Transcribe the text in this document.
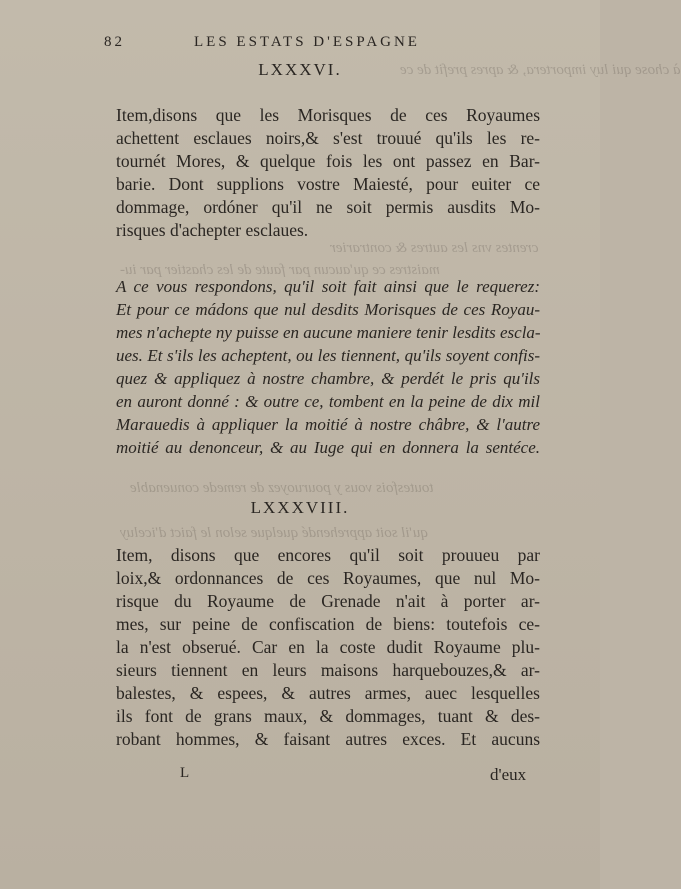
à chose qui luy importera, & apres prefit de ce
crentes vns les autres & contrarier
maistres ce qu'aucun par faute de les chastier par iu-
toutesfois vous y pouruoyez de remede conuenable
qu'il soit apprehendé quelque selon le faict d'iceluy
82	LES ESTATS D'ESPAGNE
LXXXVI.
Item,disons que les Morisques de ces Royaumes
achettent esclaues noirs,& s'est trouué qu'ils les re-
tournét Mores, & quelque fois les ont passez en Bar-
barie. Dont supplions vostre Maiesté, pour euiter ce
dommage, ordóner qu'il ne soit permis ausdits Mo-
risques d'achepter esclaues.
A ce vous respondons, qu'il soit fait ainsi que le requerez:
Et pour ce mádons que nul desdits Morisques de ces Royau-
mes n'achepte ny puisse en aucune maniere tenir lesdits escla-
ues. Et s'ils les acheptent, ou les tiennent, qu'ils soyent confis-
quez & appliquez à nostre chambre, & perdét le pris qu'ils
en auront donné : & outre ce, tombent en la peine de dix mil
Marauedis à appliquer la moitié à nostre châbre, & l'autre
moitié au denonceur, & au Iuge qui en donnera la sentéce.
LXXXVIII.
Item, disons que encores qu'il soit prouueu par
loix,& ordonnances de ces Royaumes, que nul Mo-
risque du Royaume de Grenade n'ait à porter ar-
mes, sur peine de confiscation de biens: toutefois ce-
la n'est obserué. Car en la coste dudit Royaume plu-
sieurs tiennent en leurs maisons harquebouzes,& ar-
balestes, & espees, & autres armes, auec lesquelles
ils font de grans maux, & dommages, tuant & des-
robant hommes, & faisant autres exces. Et aucuns
L	d'eux
